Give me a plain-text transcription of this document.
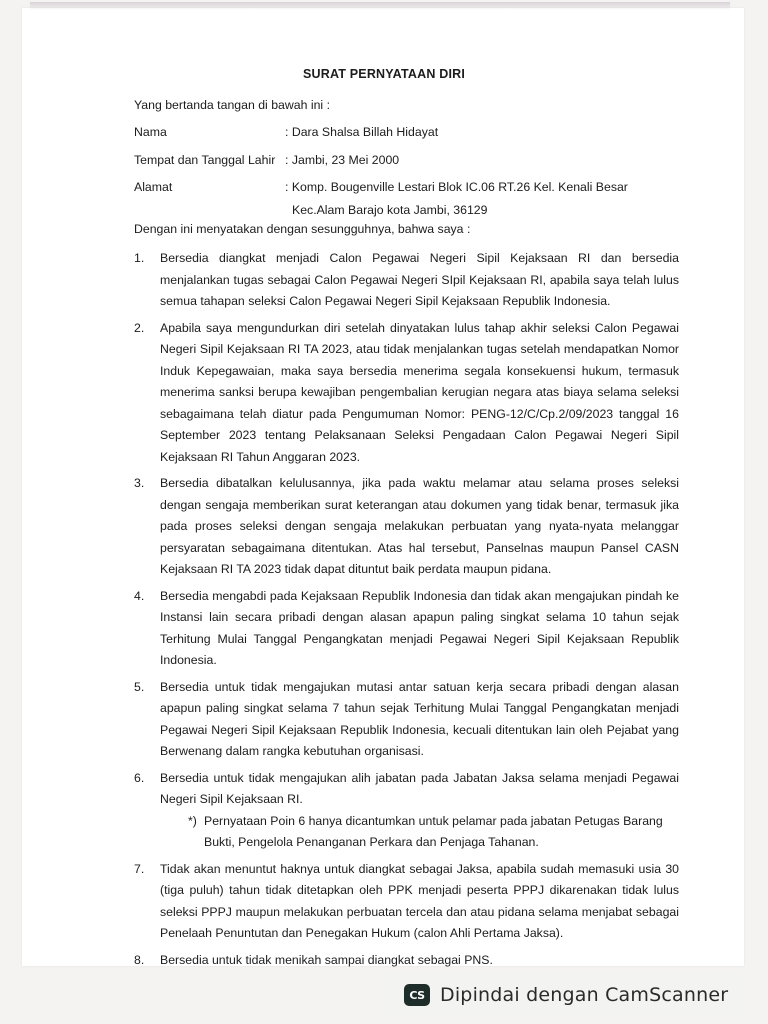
SURAT PERNYATAAN DIRI
Yang bertanda tangan di bawah ini :
Nama	: Dara Shalsa Billah Hidayat
Tempat dan Tanggal Lahir : Jambi, 23 Mei 2000
Alamat	: Komp. Bougenville Lestari Blok IC.06 RT.26 Kel. Kenali Besar
Kec.Alam Barajo kota Jambi, 36129
Dengan ini menyatakan dengan sesungguhnya, bahwa saya :
1. Bersedia diangkat menjadi Calon Pegawai Negeri Sipil Kejaksaan RI dan bersedia menjalankan tugas sebagai Calon Pegawai Negeri SIpil Kejaksaan RI, apabila saya telah lulus semua tahapan seleksi Calon Pegawai Negeri Sipil Kejaksaan Republik Indonesia.
2. Apabila saya mengundurkan diri setelah dinyatakan lulus tahap akhir seleksi Calon Pegawai Negeri Sipil Kejaksaan RI TA 2023, atau tidak menjalankan tugas setelah mendapatkan Nomor Induk Kepegawaian, maka saya bersedia menerima segala konsekuensi hukum, termasuk menerima sanksi berupa kewajiban pengembalian kerugian negara atas biaya selama seleksi sebagaimana telah diatur pada Pengumuman Nomor: PENG-12/C/Cp.2/09/2023 tanggal 16 September 2023 tentang Pelaksanaan Seleksi Pengadaan Calon Pegawai Negeri Sipil Kejaksaan RI Tahun Anggaran 2023.
3. Bersedia dibatalkan kelulusannya, jika pada waktu melamar atau selama proses seleksi dengan sengaja memberikan surat keterangan atau dokumen yang tidak benar, termasuk jika pada proses seleksi dengan sengaja melakukan perbuatan yang nyata-nyata melanggar persyaratan sebagaimana ditentukan. Atas hal tersebut, Panselnas maupun Pansel CASN Kejaksaan RI TA 2023 tidak dapat dituntut baik perdata maupun pidana.
4. Bersedia mengabdi pada Kejaksaan Republik Indonesia dan tidak akan mengajukan pindah ke Instansi lain secara pribadi dengan alasan apapun paling singkat selama 10 tahun sejak Terhitung Mulai Tanggal Pengangkatan menjadi Pegawai Negeri Sipil Kejaksaan Republik Indonesia.
5. Bersedia untuk tidak mengajukan mutasi antar satuan kerja secara pribadi dengan alasan apapun paling singkat selama 7 tahun sejak Terhitung Mulai Tanggal Pengangkatan menjadi Pegawai Negeri Sipil Kejaksaan Republik Indonesia, kecuali ditentukan lain oleh Pejabat yang Berwenang dalam rangka kebutuhan organisasi.
6. Bersedia untuk tidak mengajukan alih jabatan pada Jabatan Jaksa selama menjadi Pegawai Negeri Sipil Kejaksaan RI.
*) Pernyataan Poin 6 hanya dicantumkan untuk pelamar pada jabatan Petugas Barang Bukti, Pengelola Penanganan Perkara dan Penjaga Tahanan.
7. Tidak akan menuntut haknya untuk diangkat sebagai Jaksa, apabila sudah memasuki usia 30 (tiga puluh) tahun tidak ditetapkan oleh PPK menjadi peserta PPPJ dikarenakan tidak lulus seleksi PPPJ maupun melakukan perbuatan tercela dan atau pidana selama menjabat sebagai Penelaah Penuntutan dan Penegakan Hukum (calon Ahli Pertama Jaksa).
8. Bersedia untuk tidak menikah sampai diangkat sebagai PNS.
CS Dipindai dengan CamScanner
